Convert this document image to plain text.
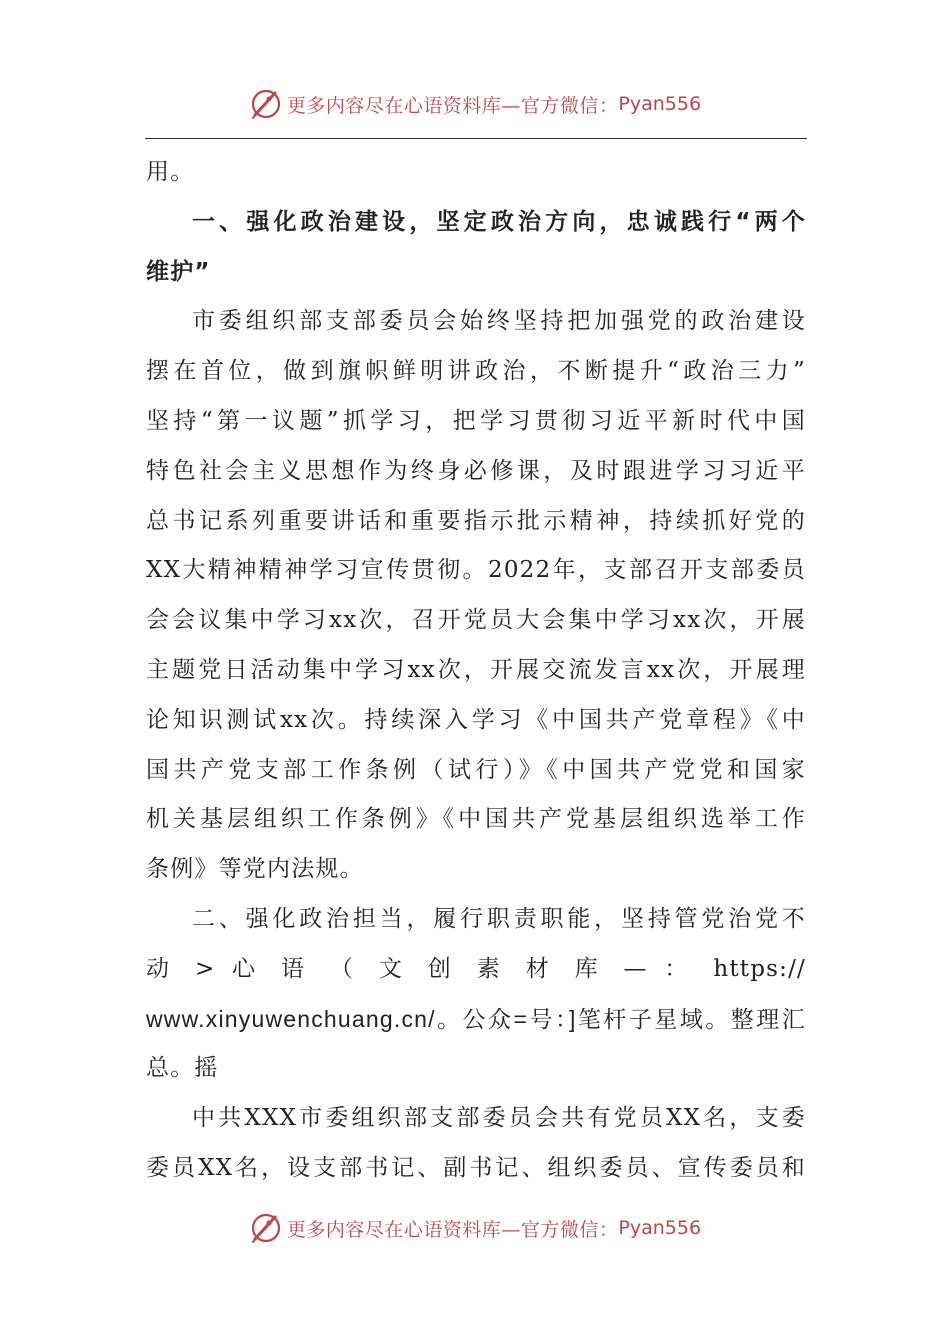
更多内容尽在心语资料库—官方微信： Pyan556
用。
一、强化政治建设，坚定政治方向，忠诚践行“两个
维护”
市委组织部支部委员会始终坚持把加强党的政治建设
摆在首位，做到旗帜鲜明讲政治，不断提升“政治三力”
坚持“第一议题”抓学习，把学习贯彻习近平新时代中国
特色社会主义思想作为终身必修课，及时跟进学习习近平
总书记系列重要讲话和重要指示批示精神，持续抓好党的
XX大精神精神学习宣传贯彻。2022年，支部召开支部委员
会会议集中学习xx次，召开党员大会集中学习xx次，开展
主题党日活动集中学习xx次，开展交流发言xx次，开展理
论知识测试xx次。持续深入学习《中国共产党章程》《中
国共产党支部工作条例（试行）》《中国共产党党和国家
机关基层组织工作条例》《中国共产党基层组织选举工作
条例》等党内法规。
二、强化政治担当，履行职责职能，坚持管党治党不
动 > 心 语 （ 文 创 素 材 库 — ： https://
www.xinyuwenchuang.cn/。公众=号：]笔杆子星域。整理汇
总。摇
中共XXX市委组织部支部委员会共有党员XX名，支委
委员XX名，设支部书记、副书记、组织委员、宣传委员和
更多内容尽在心语资料库—官方微信： Pyan556
